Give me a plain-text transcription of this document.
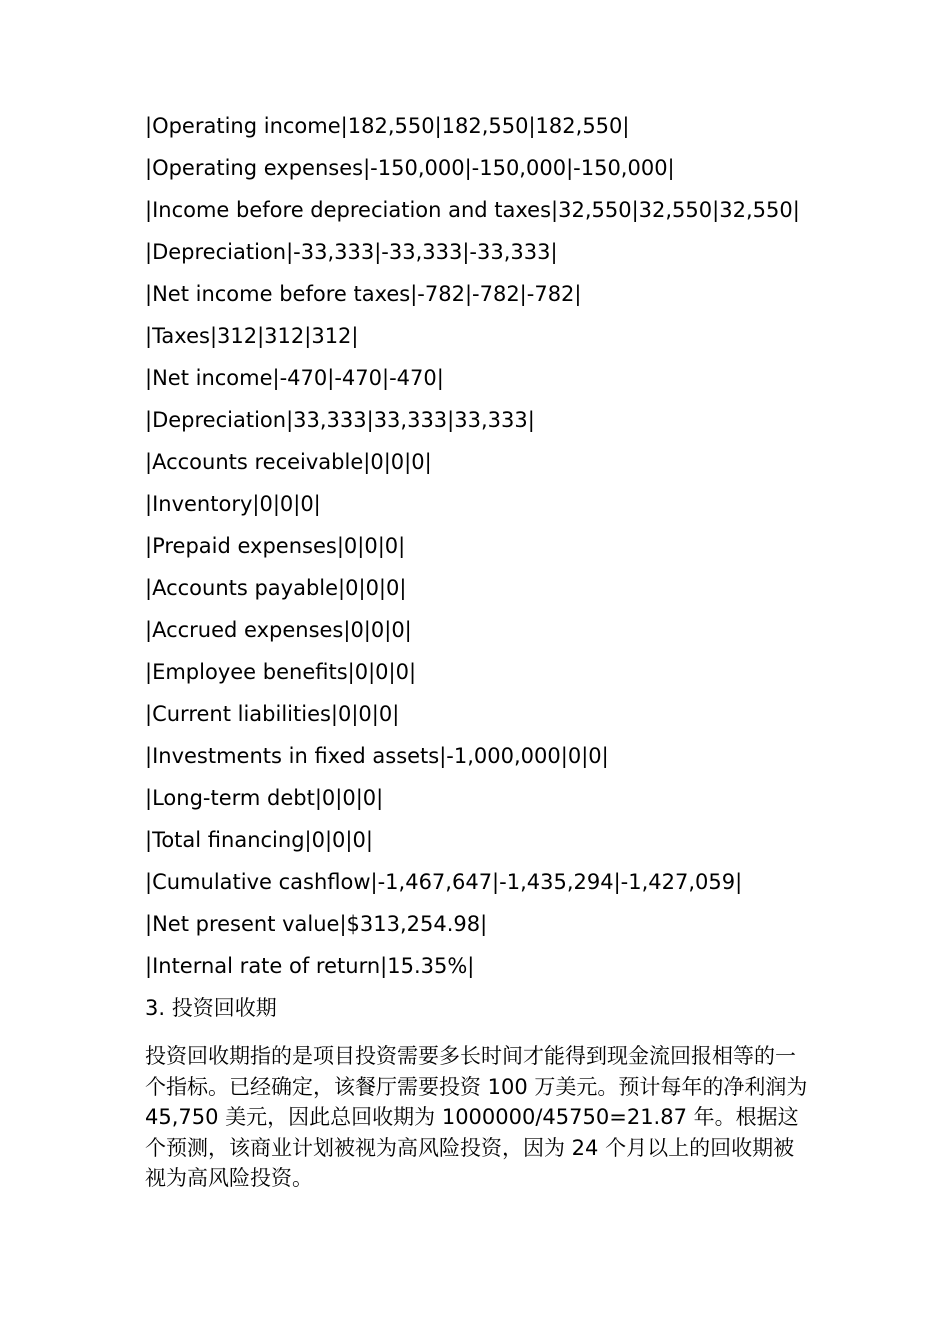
|Operating income|182,550|182,550|182,550|
|Operating expenses|-150,000|-150,000|-150,000|
|Income before depreciation and taxes|32,550|32,550|32,550|
|Depreciation|-33,333|-33,333|-33,333|
|Net income before taxes|-782|-782|-782|
|Taxes|312|312|312|
|Net income|-470|-470|-470|
|Depreciation|33,333|33,333|33,333|
|Accounts receivable|0|0|0|
|Inventory|0|0|0|
|Prepaid expenses|0|0|0|
|Accounts payable|0|0|0|
|Accrued expenses|0|0|0|
|Employee benefits|0|0|0|
|Current liabilities|0|0|0|
|Investments in fixed assets|-1,000,000|0|0|
|Long-term debt|0|0|0|
|Total financing|0|0|0|
|Cumulative cashflow|-1,467,647|-1,435,294|-1,427,059|
|Net present value|$313,254.98|
|Internal rate of return|15.35%|
3. 投资回收期

投资回收期指的是项目投资需要多长时间才能得到现金流回报相等的一个指标。已经确定，该餐厅需要投资 100 万美元。预计每年的净利润为 45,750 美元，因此总回收期为 1000000/45750=21.87 年。根据这个预测，该商业计划被视为高风险投资，因为 24 个月以上的回收期被视为高风险投资。
